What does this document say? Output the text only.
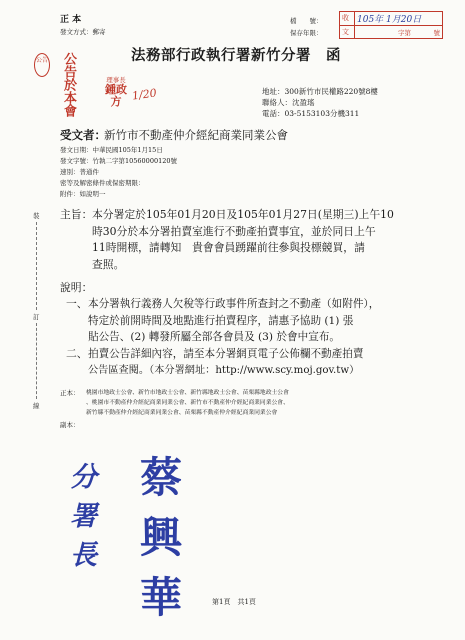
正 本
發文方式：郵寄
檔　　號：
保存年限：
收
文
105年 1月20日
字第	號
公告	公告於本會	理事長
鍾政方 1/20
法務部行政執行署新竹分署　函
地址：300新竹市民權路220號8樓
聯絡人：沈盈瑤
電話：03-5153103分機311
受文者：
新竹市不動產仲介經紀商業同業公會
發文日期：中華民國105年1月15日
發文字號：竹執二字第10560000120號
速別：普通件
密等及解密條件或保密期限：
附件：如說明一
裝
訂
線
主旨： 本分署定於105年01月20日及105年01月27日(星期三)上午10
時30分於本分署拍賣室進行不動產拍賣事宜，並於同日上午
11時開標，請轉知　貴會會員踴躍前往參與投標競買，請
查照。
說明：
一、 本分署執行義務人欠稅等行政事件所查封之不動產（如附件），
特定於前開時間及地點進行拍賣程序，請惠予協助 (1) 張
貼公告、(2) 轉發所屬全部各會員及 (3) 於會中宣布。
二、 拍賣公告詳細內容，請至本分署網頁電子公佈欄不動產拍賣
公告區查閱。（本分署網址：http://www.scy.moj.gov.tw）
正本： 桃園市地政士公會、新竹市地政士公會、新竹縣地政士公會、苗栗縣地政士公會
、桃園市不動產仲介經紀商業同業公會、新竹市不動產仲介經紀商業同業公會、
新竹縣不動產仲介經紀商業同業公會、苗栗縣不動產仲介經紀商業同業公會
副本：
分署長
蔡興華	第1頁　共1頁
